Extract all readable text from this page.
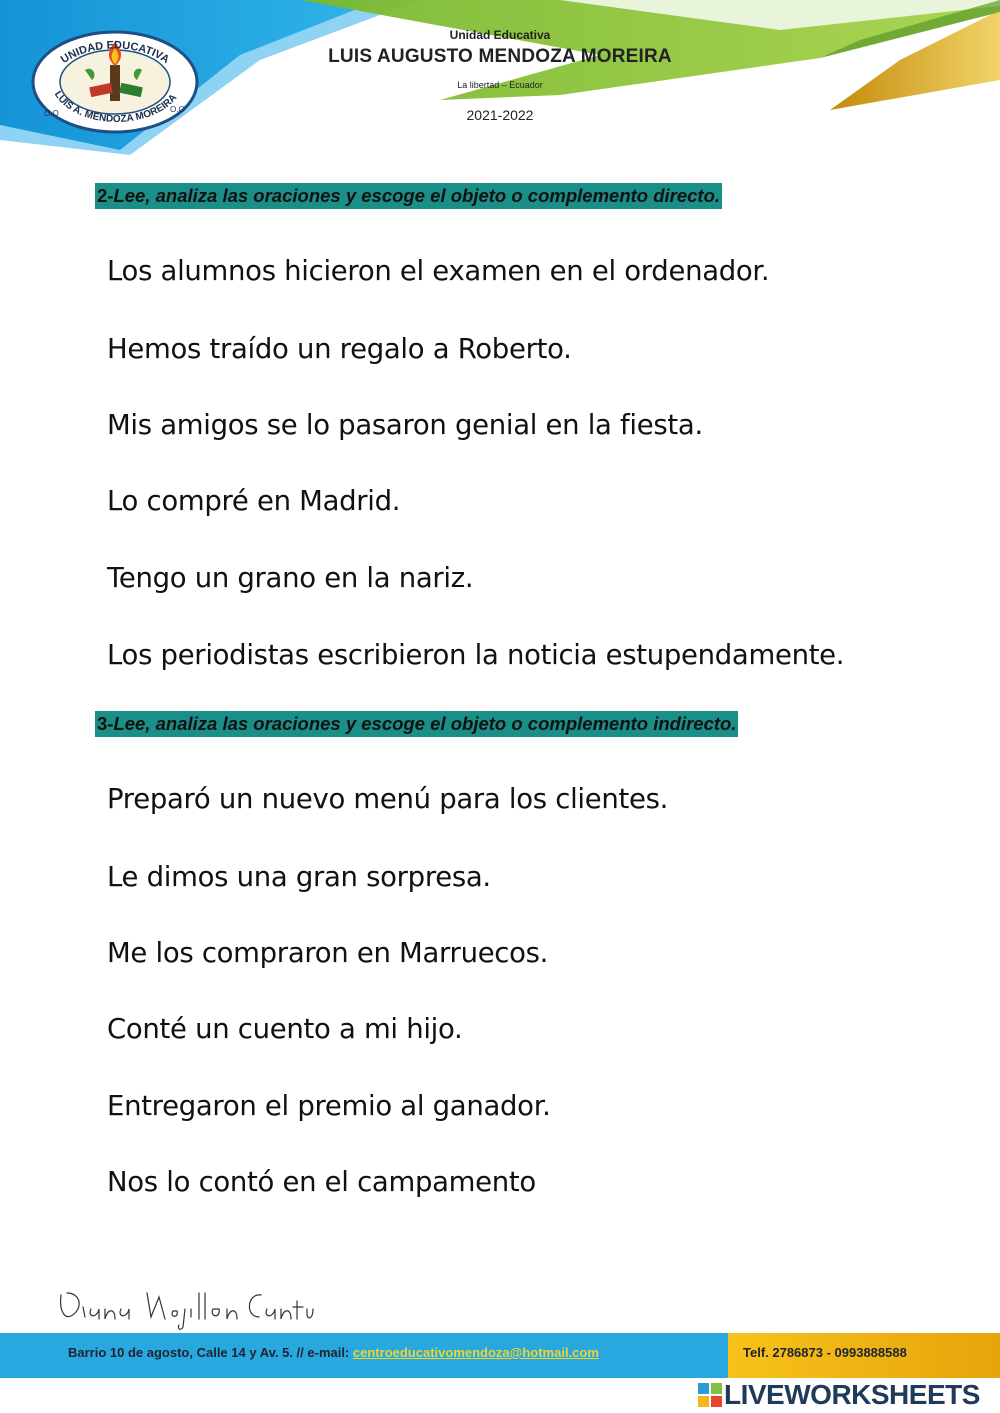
UNIDAD EDUCATIVA
LUIS A. MENDOZA MOREIRA
O.O	O.O
Unidad Educativa
LUIS AUGUSTO MENDOZA MOREIRA
La libertad – Ecuador
2021-2022
2-Lee, analiza las oraciones y escoge el objeto o complemento directo.
Los alumnos hicieron el examen en el ordenador.
Hemos traído un regalo a Roberto.
Mis amigos se lo pasaron genial en la fiesta.
Lo compré en Madrid.
Tengo un grano en la nariz.
Los periodistas escribieron la noticia estupendamente.
3-Lee, analiza las oraciones y escoge el objeto o complemento indirecto.
Preparó un nuevo menú para los clientes.
Le dimos una gran sorpresa.
Me los compraron en Marruecos.
Conté un cuento a mi hijo.
Entregaron el premio al ganador.
Nos lo contó en el campamento
Barrio 10 de agosto, Calle 14 y Av. 5. // e-mail: centroeducativomendoza@hotmail.com	Telf. 2786873 - 0993888588
LIVEWORKSHEETS
